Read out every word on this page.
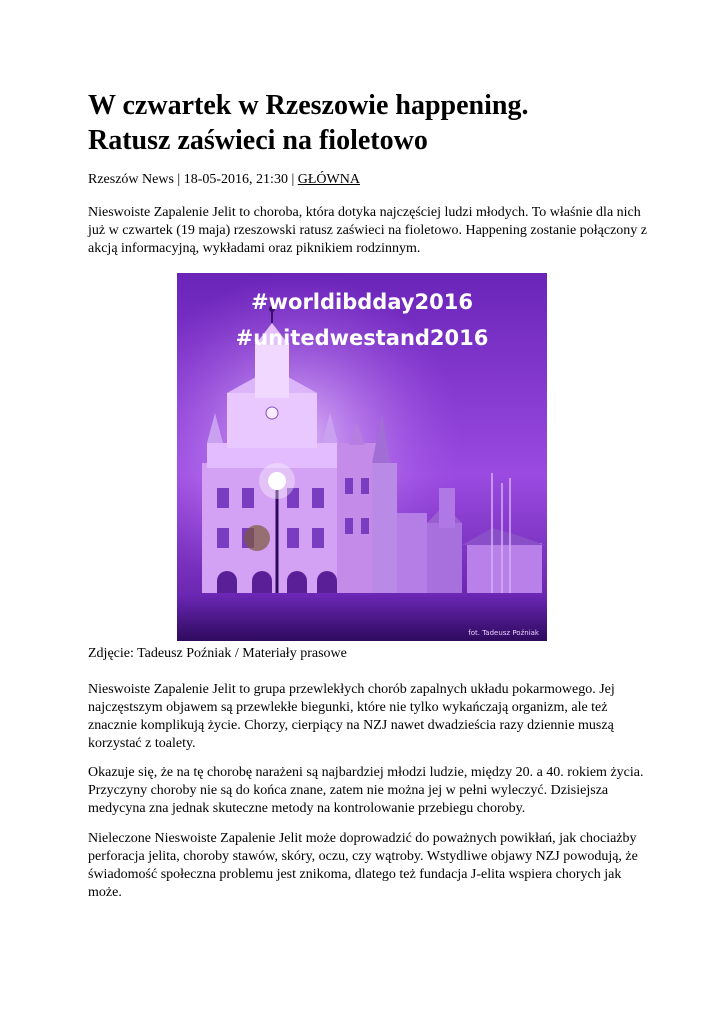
W czwartek w Rzeszowie happening.
Ratusz zaświeci na fioletowo
Rzeszów News | 18-05-2016, 21:30 | GŁÓWNA

Nieswoiste Zapalenie Jelit to choroba, która dotyka najczęściej ludzi młodych. To właśnie dla nich już w czwartek (19 maja) rzeszowski ratusz zaświeci na fioletowo. Happening zostanie połączony z akcją informacyjną, wykładami oraz piknikiem rodzinnym.

#worldibdday2016
#unitedwestand2016
fot. Tadeusz Poźniak
Zdjęcie: Tadeusz Poźniak / Materiały prasowe

Nieswoiste Zapalenie Jelit to grupa przewlekłych chorób zapalnych układu pokarmowego. Jej najczęstszym objawem są przewlekłe biegunki, które nie tylko wykańczają organizm, ale też znacznie komplikują życie. Chorzy, cierpiący na NZJ nawet dwadzieścia razy dziennie muszą korzystać z toalety.

Okazuje się, że na tę chorobę narażeni są najbardziej młodzi ludzie, między 20. a 40. rokiem życia. Przyczyny choroby nie są do końca znane, zatem nie można jej w pełni wyleczyć. Dzisiejsza medycyna zna jednak skuteczne metody na kontrolowanie przebiegu choroby.

Nieleczone Nieswoiste Zapalenie Jelit może doprowadzić do poważnych powikłań, jak chociażby perforacja jelita, choroby stawów, skóry, oczu, czy wątroby. Wstydliwe objawy NZJ powodują, że świadomość społeczna problemu jest znikoma, dlatego też fundacja J-elita wspiera chorych jak może.
